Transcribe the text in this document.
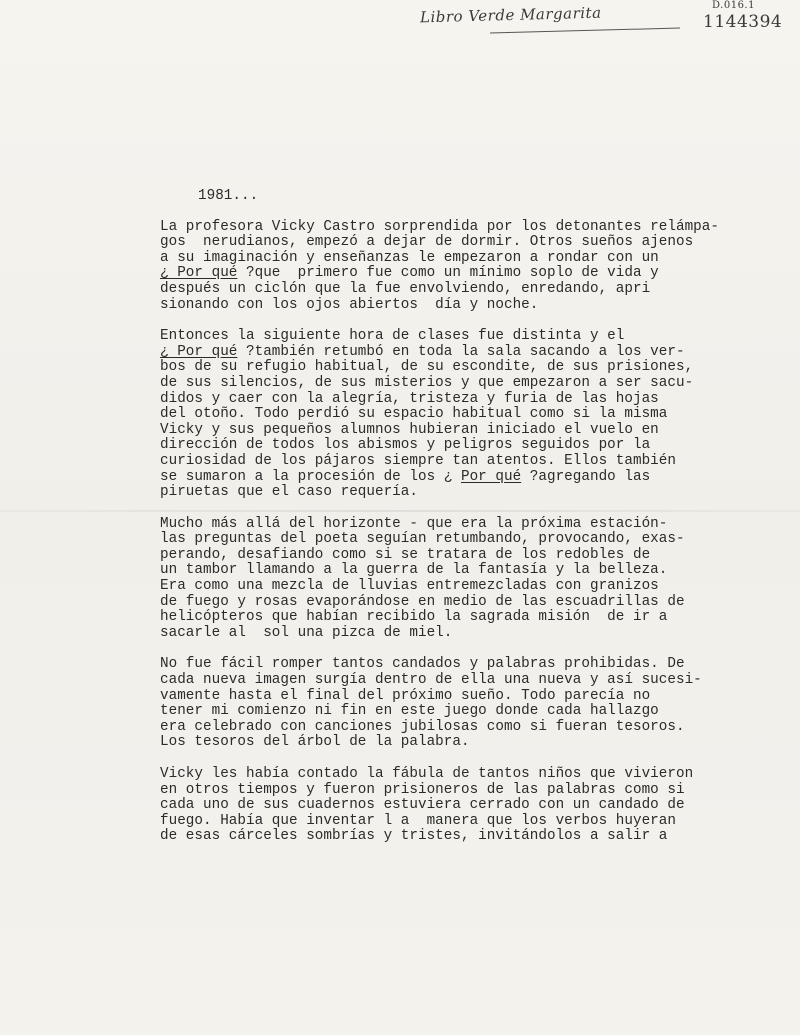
Libro Verde Margarita	D.016.1
1144394
1981...
La profesora Vicky Castro sorprendida por los detonantes relámpa-
gos  nerudianos, empezó a dejar de dormir. Otros sueños ajenos
a su imaginación y enseñanzas le empezaron a rondar con un
¿ Por qué ?que  primero fue como un mínimo soplo de vida y
después un ciclón que la fue envolviendo, enredando, apri
sionando con los ojos abiertos  día y noche.
Entonces la siguiente hora de clases fue distinta y el
¿ Por qué ?también retumbó en toda la sala sacando a los ver-
bos de su refugio habitual, de su escondite, de sus prisiones,
de sus silencios, de sus misterios y que empezaron a ser sacu-
didos y caer con la alegría, tristeza y furia de las hojas
del otoño. Todo perdió su espacio habitual como si la misma
Vicky y sus pequeños alumnos hubieran iniciado el vuelo en
dirección de todos los abismos y peligros seguidos por la
curiosidad de los pájaros siempre tan atentos. Ellos también
se sumaron a la procesión de los ¿ Por qué ?agregando las
piruetas que el caso requería.
Mucho más allá del horizonte - que era la próxima estación-
las preguntas del poeta seguían retumbando, provocando, exas-
perando, desafiando como si se tratara de los redobles de
un tambor llamando a la guerra de la fantasía y la belleza.
Era como una mezcla de lluvias entremezcladas con granizos
de fuego y rosas evaporándose en medio de las escuadrillas de
helicópteros que habían recibido la sagrada misión  de ir a
sacarle al  sol una pizca de miel.
No fue fácil romper tantos candados y palabras prohibidas. De
cada nueva imagen surgía dentro de ella una nueva y así sucesi-
vamente hasta el final del próximo sueño. Todo parecía no
tener mi comienzo ni fin en este juego donde cada hallazgo
era celebrado con canciones jubilosas como si fueran tesoros.
Los tesoros del árbol de la palabra.
Vicky les había contado la fábula de tantos niños que vivieron
en otros tiempos y fueron prisioneros de las palabras como si
cada uno de sus cuadernos estuviera cerrado con un candado de
fuego. Había que inventar l a  manera que los verbos huyeran
de esas cárceles sombrías y tristes, invitándolos a salir a
